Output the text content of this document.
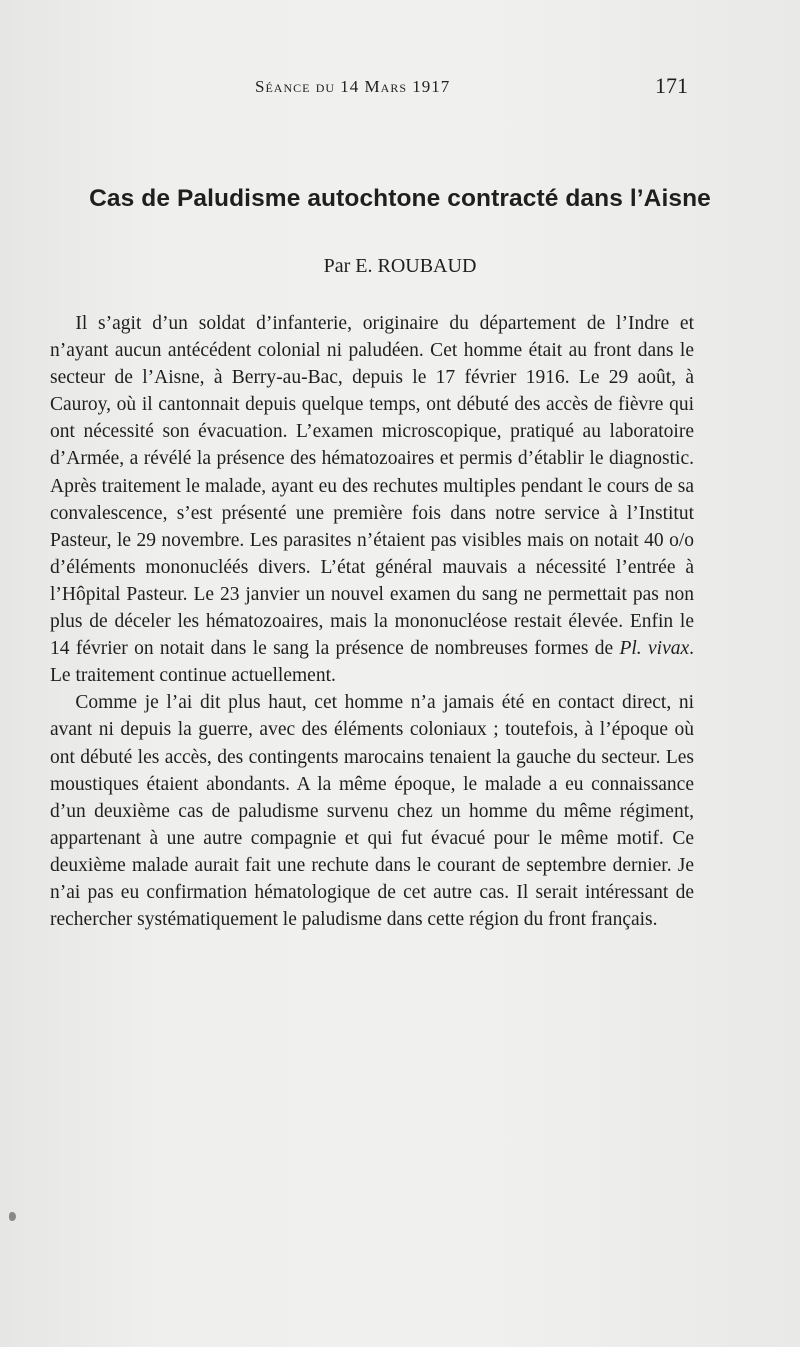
Séance du 14 Mars 1917	171
Cas de Paludisme autochtone contracté dans l’Aisne
Par E. ROUBAUD

Il s’agit d’un soldat d’infanterie, originaire du département de l’Indre et n’ayant aucun antécédent colonial ni paludéen. Cet homme était au front dans le secteur de l’Aisne, à Berry-au-Bac, depuis le 17 février 1916. Le 29 août, à Cauroy, où il cantonnait depuis quelque temps, ont débuté des accès de fièvre qui ont nécessité son évacuation. L’examen microscopique, pratiqué au laboratoire d’Armée, a révélé la présence des hématozoaires et permis d’établir le diagnostic. Après traitement le malade, ayant eu des rechutes multiples pendant le cours de sa convalescence, s’est présenté une première fois dans notre service à l’Institut Pasteur, le 29 novembre. Les parasites n’étaient pas visibles mais on notait 40 o/o d’éléments mononucléés divers. L’état général mauvais a nécessité l’entrée à l’Hôpital Pasteur. Le 23 janvier un nouvel examen du sang ne permettait pas non plus de déceler les hématozoaires, mais la mononucléose restait élevée. Enfin le 14 février on notait dans le sang la présence de nombreuses formes de Pl. vivax. Le traitement continue actuellement.

Comme je l’ai dit plus haut, cet homme n’a jamais été en contact direct, ni avant ni depuis la guerre, avec des éléments coloniaux ; toutefois, à l’époque où ont débuté les accès, des contingents marocains tenaient la gauche du secteur. Les moustiques étaient abondants. A la même époque, le malade a eu connaissance d’un deuxième cas de paludisme survenu chez un homme du même régiment, appartenant à une autre compagnie et qui fut évacué pour le même motif. Ce deuxième malade aurait fait une rechute dans le courant de septembre dernier. Je n’ai pas eu confirmation hématologique de cet autre cas. Il serait intéressant de rechercher systématiquement le paludisme dans cette région du front français.
